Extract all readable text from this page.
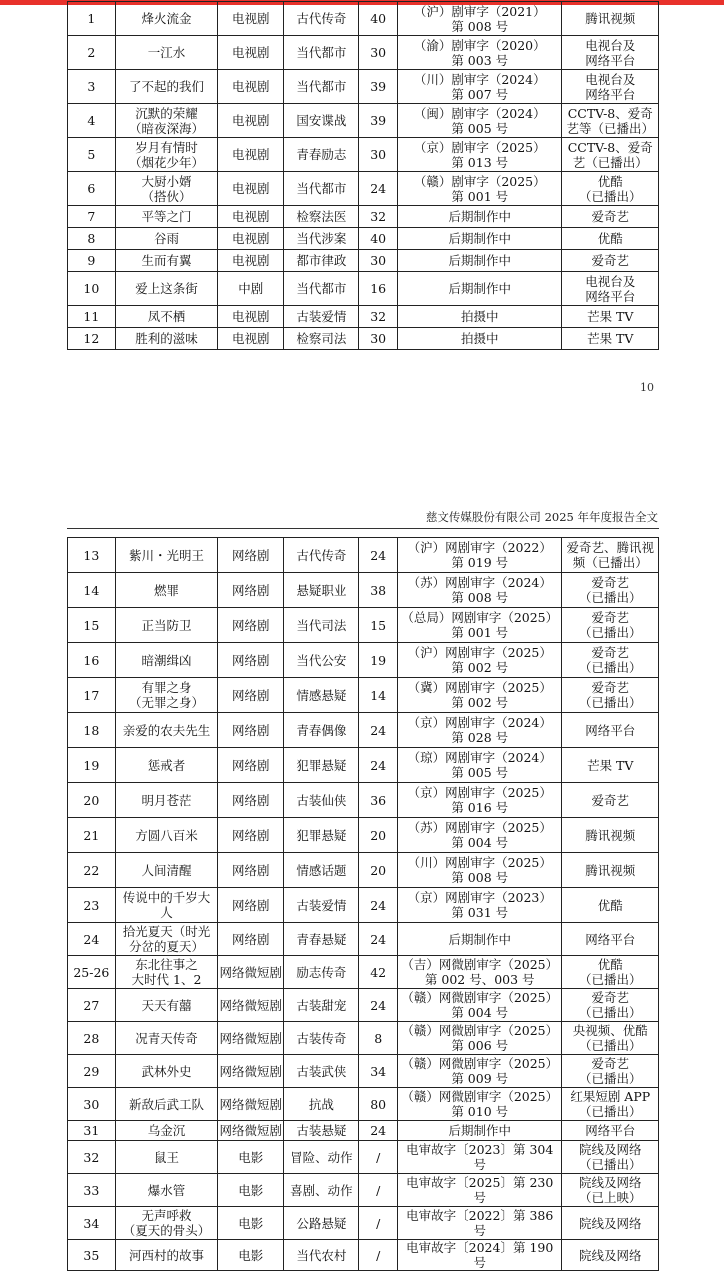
1	烽火流金	电视剧	古代传奇	40	（沪）剧审字（2021）
第 008 号	腾讯视频
2	一江水	电视剧	当代都市	30	（渝）剧审字（2020）
第 003 号	电视台及
网络平台
3	了不起的我们	电视剧	当代都市	39	（川）剧审字（2024）
第 007 号	电视台及
网络平台
4	沉默的荣耀
（暗夜深海）	电视剧	国安谍战	39	（闽）剧审字（2024）
第 005 号	CCTV-8、爱奇
艺等（已播出）
5	岁月有情时
（烟花少年）	电视剧	青春励志	30	（京）剧审字（2025）
第 013 号	CCTV-8、爱奇
艺（已播出）
6	大厨小婿
（搭伙）	电视剧	当代都市	24	（赣）剧审字（2025）
第 001 号	优酷
（已播出）
7	平等之门	电视剧	检察法医	32	后期制作中	爱奇艺
8	谷雨	电视剧	当代涉案	40	后期制作中	优酷
9	生而有翼	电视剧	都市律政	30	后期制作中	爱奇艺
10	爱上这条街	中剧	当代都市	16	后期制作中	电视台及
网络平台
11	凤不栖	电视剧	古装爱情	32	拍摄中	芒果 TV
12	胜利的滋味	电视剧	检察司法	30	拍摄中	芒果 TV
10
慈文传媒股份有限公司 2025 年年度报告全文
13	紫川・光明王	网络剧	古代传奇	24	（沪）网剧审字（2022）
第 019 号	爱奇艺、腾讯视
频（已播出）
14	燃罪	网络剧	悬疑职业	38	（苏）网剧审字（2024）
第 008 号	爱奇艺
（已播出）
15	正当防卫	网络剧	当代司法	15	（总局）网剧审字（2025）
第 001 号	爱奇艺
（已播出）
16	暗潮缉凶	网络剧	当代公安	19	（沪）网剧审字（2025）
第 002 号	爱奇艺
（已播出）
17	有罪之身
（无罪之身）	网络剧	情感悬疑	14	（冀）网剧审字（2025）
第 002 号	爱奇艺
（已播出）
18	亲爱的农夫先生	网络剧	青春偶像	24	（京）网剧审字（2024）
第 028 号	网络平台
19	惩戒者	网络剧	犯罪悬疑	24	（琼）网剧审字（2024）
第 005 号	芒果 TV
20	明月苍茫	网络剧	古装仙侠	36	（京）网剧审字（2025）
第 016 号	爱奇艺
21	方圆八百米	网络剧	犯罪悬疑	20	（苏）网剧审字（2025）
第 004 号	腾讯视频
22	人间清醒	网络剧	情感话题	20	（川）网剧审字（2025）
第 008 号	腾讯视频
23	传说中的千岁大人	网络剧	古装爱情	24	（京）网剧审字（2023）
第 031 号	优酷
24	拾光夏天（时光
分岔的夏天）	网络剧	青春悬疑	24	后期制作中	网络平台
25-26	东北往事之
大时代 1、2	网络微短剧	励志传奇	42	（吉）网微剧审字（2025）
第 002 号、003 号	优酷
（已播出）
27	天天有囍	网络微短剧	古装甜宠	24	（赣）网微剧审字（2025）
第 004 号	爱奇艺
（已播出）
28	况青天传奇	网络微短剧	古装传奇	8	（赣）网微剧审字（2025）
第 006 号	央视频、优酷
（已播出）
29	武林外史	网络微短剧	古装武侠	34	（赣）网微剧审字（2025）
第 009 号	爱奇艺
（已播出）
30	新敌后武工队	网络微短剧	抗战	80	（赣）网微剧审字（2025）
第 010 号	红果短剧 APP
（已播出）
31	乌金沉	网络微短剧	古装悬疑	24	后期制作中	网络平台
32	鼠王	电影	冒险、动作	/	电审故字〔2023〕第 304 号	院线及网络
（已播出）
33	爆水管	电影	喜剧、动作	/	电审故字〔2025〕第 230 号	院线及网络
（已上映）
34	无声呼救
（夏天的骨头）	电影	公路悬疑	/	电审故字〔2022〕第 386 号	院线及网络
35	河西村的故事	电影	当代农村	/	电审故字〔2024〕第 190 号	院线及网络
